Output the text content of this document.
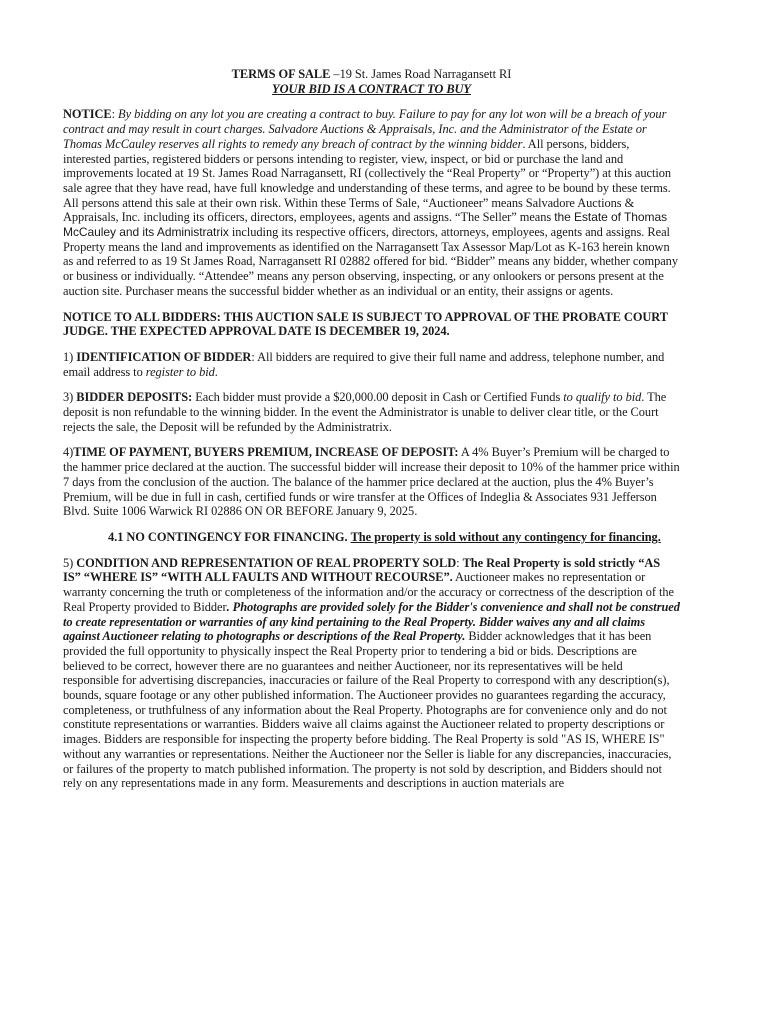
TERMS OF SALE –19 St. James Road Narragansett RI
YOUR BID IS A CONTRACT TO BUY

NOTICE: By bidding on any lot you are creating a contract to buy. Failure to pay for any lot won will be a breach of your contract and may result in court charges. Salvadore Auctions & Appraisals, Inc. and the Administrator of the Estate or Thomas McCauley reserves all rights to remedy any breach of contract by the winning bidder. All persons, bidders, interested parties, registered bidders or persons intending to register, view, inspect, or bid or purchase the land and improvements located at 19 St. James Road Narragansett, RI (collectively the “Real Property” or “Property”) at this auction sale agree that they have read, have full knowledge and understanding of these terms, and agree to be bound by these terms. All persons attend this sale at their own risk. Within these Terms of Sale, “Auctioneer” means Salvadore Auctions & Appraisals, Inc. including its officers, directors, employees, agents and assigns. “The Seller” means the Estate of Thomas McCauley and its Administratrix including its respective officers, directors, attorneys, employees, agents and assigns. Real Property means the land and improvements as identified on the Narragansett Tax Assessor Map/Lot as K-163 herein known as and referred to as 19 St James Road, Narragansett RI 02882 offered for bid. “Bidder” means any bidder, whether company or business or individually. “Attendee” means any person observing, inspecting, or any onlookers or persons present at the auction site. Purchaser means the successful bidder whether as an individual or an entity, their assigns or agents.

NOTICE TO ALL BIDDERS: THIS AUCTION SALE IS SUBJECT TO APPROVAL OF THE PROBATE COURT JUDGE. THE EXPECTED APPROVAL DATE IS DECEMBER 19, 2024.

1) IDENTIFICATION OF BIDDER: All bidders are required to give their full name and address, telephone number, and email address to register to bid.

3) BIDDER DEPOSITS: Each bidder must provide a $20,000.00 deposit in Cash or Certified Funds to qualify to bid. The deposit is non refundable to the winning bidder. In the event the Administrator is unable to deliver clear title, or the Court rejects the sale, the Deposit will be refunded by the Administratrix.

4)TIME OF PAYMENT, BUYERS PREMIUM, INCREASE OF DEPOSIT: A 4% Buyer’s Premium will be charged to the hammer price declared at the auction. The successful bidder will increase their deposit to 10% of the hammer price within 7 days from the conclusion of the auction. The balance of the hammer price declared at the auction, plus the 4% Buyer’s Premium, will be due in full in cash, certified funds or wire transfer at the Offices of Indeglia & Associates 931 Jefferson Blvd. Suite 1006 Warwick RI 02886 ON OR BEFORE January 9, 2025.

4.1 NO CONTINGENCY FOR FINANCING. The property is sold without any contingency for financing.

5) CONDITION AND REPRESENTATION OF REAL PROPERTY SOLD: The Real Property is sold strictly “AS IS” “WHERE IS” “WITH ALL FAULTS AND WITHOUT RECOURSE”. Auctioneer makes no representation or warranty concerning the truth or completeness of the information and/or the accuracy or correctness of the description of the Real Property provided to Bidder. Photographs are provided solely for the Bidder's convenience and shall not be construed to create representation or warranties of any kind pertaining to the Real Property. Bidder waives any and all claims against Auctioneer relating to photographs or descriptions of the Real Property. Bidder acknowledges that it has been provided the full opportunity to physically inspect the Real Property prior to tendering a bid or bids. Descriptions are believed to be correct, however there are no guarantees and neither Auctioneer, nor its representatives will be held responsible for advertising discrepancies, inaccuracies or failure of the Real Property to correspond with any description(s), bounds, square footage or any other published information. The Auctioneer provides no guarantees regarding the accuracy, completeness, or truthfulness of any information about the Real Property. Photographs are for convenience only and do not constitute representations or warranties. Bidders waive all claims against the Auctioneer related to property descriptions or images. Bidders are responsible for inspecting the property before bidding. The Real Property is sold "AS IS, WHERE IS" without any warranties or representations. Neither the Auctioneer nor the Seller is liable for any discrepancies, inaccuracies, or failures of the property to match published information. The property is not sold by description, and Bidders should not rely on any representations made in any form. Measurements and descriptions in auction materials are
